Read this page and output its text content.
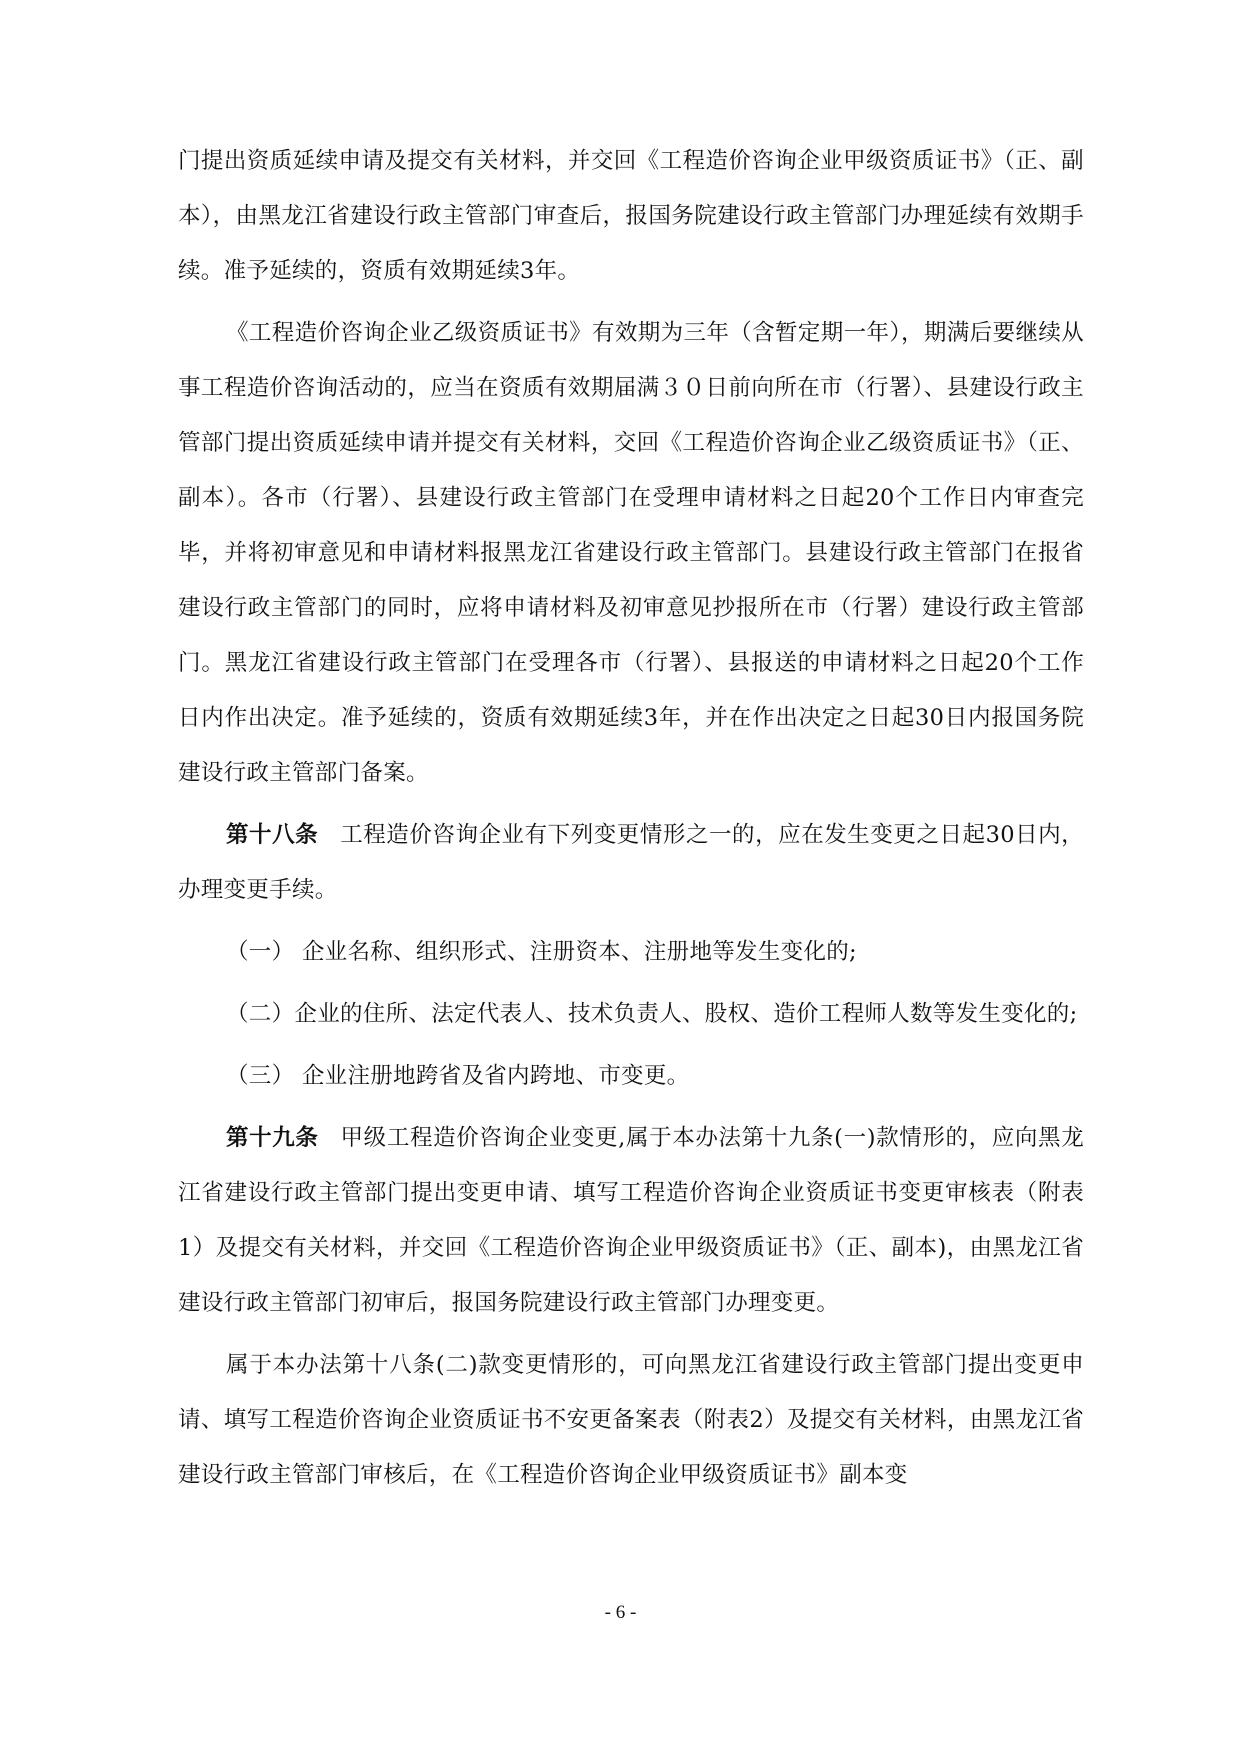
门提出资质延续申请及提交有关材料，并交回《工程造价咨询企业甲级资质证书》（正、副本），由黑龙江省建设行政主管部门审查后，报国务院建设行政主管部门办理延续有效期手续。准予延续的，资质有效期延续3年。

《工程造价咨询企业乙级资质证书》有效期为三年（含暂定期一年），期满后要继续从事工程造价咨询活动的，应当在资质有效期届满３０日前向所在市（行署）、县建设行政主管部门提出资质延续申请并提交有关材料，交回《工程造价咨询企业乙级资质证书》（正、副本）。各市（行署）、县建设行政主管部门在受理申请材料之日起20个工作日内审查完毕，并将初审意见和申请材料报黑龙江省建设行政主管部门。县建设行政主管部门在报省建设行政主管部门的同时，应将申请材料及初审意见抄报所在市（行署）建设行政主管部门。黑龙江省建设行政主管部门在受理各市（行署）、县报送的申请材料之日起20个工作日内作出决定。准予延续的，资质有效期延续3年，并在作出决定之日起30日内报国务院建设行政主管部门备案。

第十八条 工程造价咨询企业有下列变更情形之一的，应在发生变更之日起30日内，办理变更手续。

（一） 企业名称、组织形式、注册资本、注册地等发生变化的;

（二）企业的住所、法定代表人、技术负责人、股权、造价工程师人数等发生变化的;

（三） 企业注册地跨省及省内跨地、市变更。

第十九条 甲级工程造价咨询企业变更,属于本办法第十九条(一)款情形的，应向黑龙江省建设行政主管部门提出变更申请、填写工程造价咨询企业资质证书变更审核表（附表1）及提交有关材料，并交回《工程造价咨询企业甲级资质证书》（正、副本)，由黑龙江省建设行政主管部门初审后，报国务院建设行政主管部门办理变更。

属于本办法第十八条(二)款变更情形的，可向黑龙江省建设行政主管部门提出变更申请、填写工程造价咨询企业资质证书不安更备案表（附表2）及提交有关材料，由黑龙江省建设行政主管部门审核后，在《工程造价咨询企业甲级资质证书》副本变

- 6 -
